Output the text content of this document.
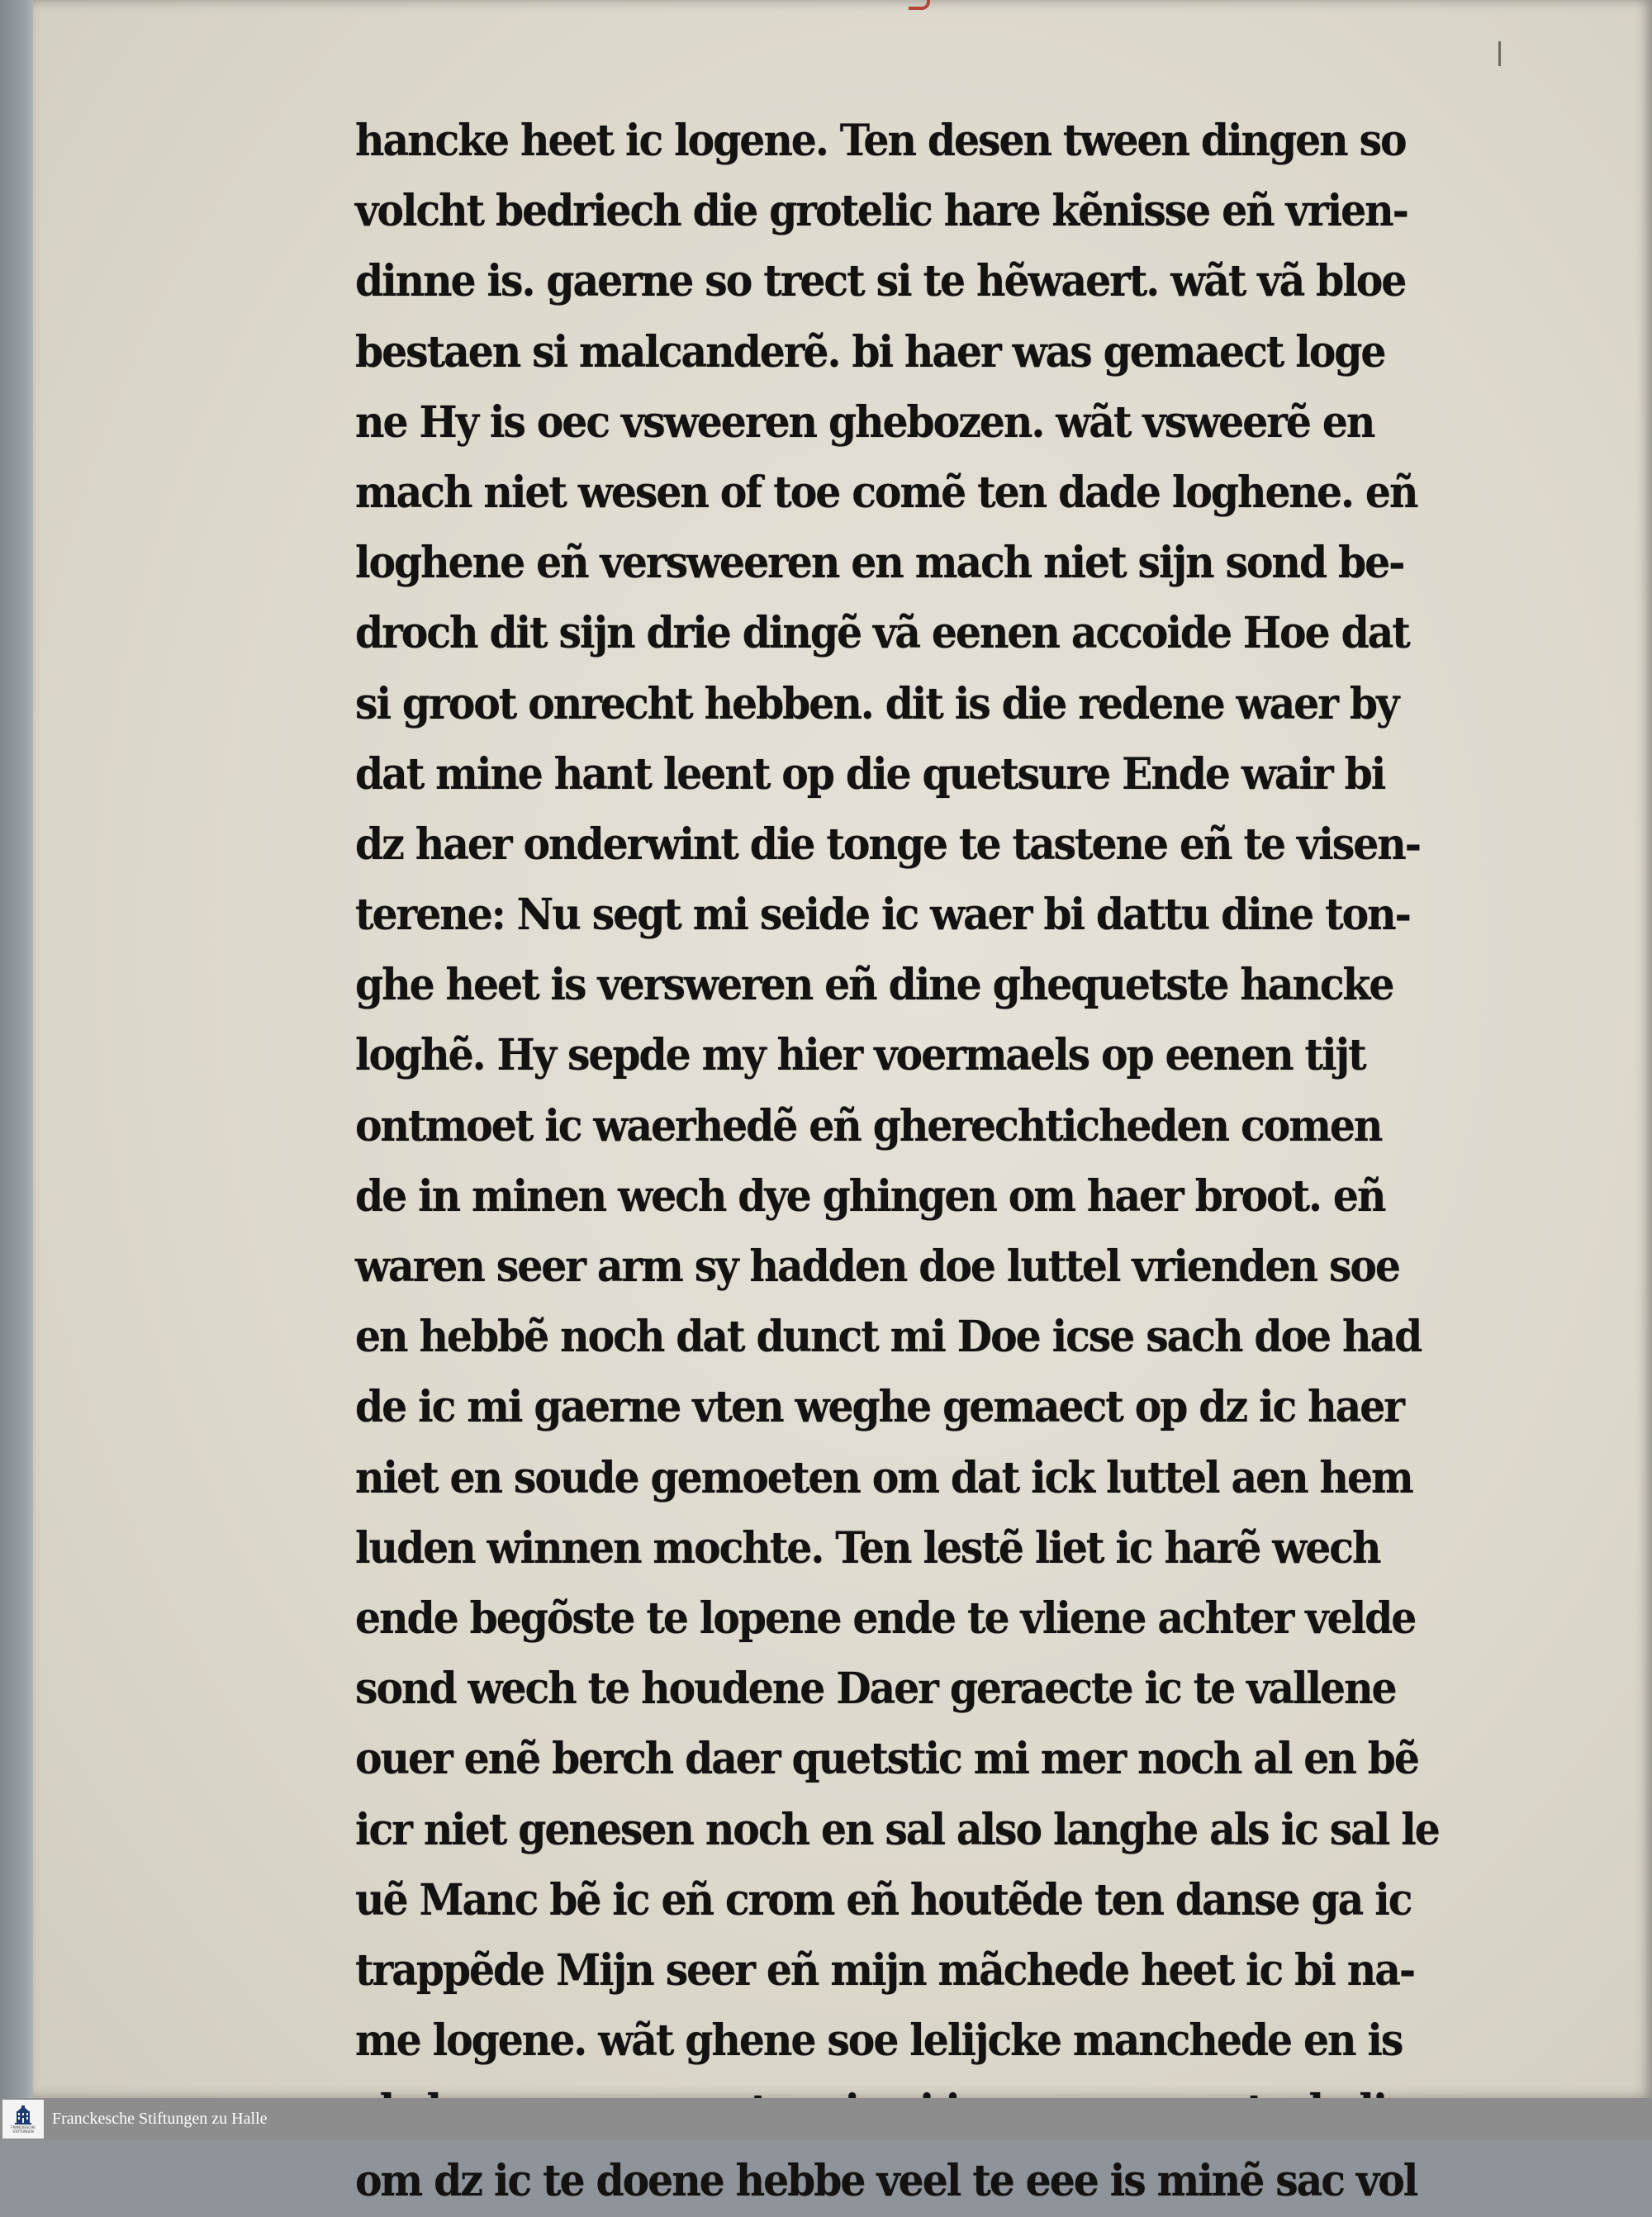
hancke heet ic logene. Ten desen tween dingen so
volcht bedriech die grotelic hare kẽnisse eñ vrien-
dinne is. gaerne so trect si te hẽwaert. wãt vã bloe
bestaen si malcanderẽ. bi haer was gemaect loge
ne Hy is oec vsweeren ghebozen. wãt vsweerẽ en
mach niet wesen of toe comẽ ten dade loghene. eñ
loghene eñ versweeren en mach niet sijn sond be-
droch dit sijn drie dingẽ vã eenen accoide Hoe dat
si groot onrecht hebben. dit is die redene waer by
dat mine hant leent op die quetsure Ende wair bi
dz haer onderwint die tonge te tastene eñ te visen-
terene: Nu segt mi seide ic waer bi dattu dine ton-
ghe heet is versweren eñ dine ghequetste hancke
loghẽ. Hy sepde my hier voermaels op eenen tijt
ontmoet ic waerhedẽ eñ gherechticheden comen
de in minen wech dye ghingen om haer broot. eñ
waren seer arm sy hadden doe luttel vrienden soe
en hebbẽ noch dat dunct mi Doe icse sach doe had
de ic mi gaerne vten weghe gemaect op dz ic haer
niet en soude gemoeten om dat ick luttel aen hem
luden winnen mochte. Ten lestẽ liet ic harẽ wech
ende begõste te lopene ende te vliene achter velde
sond wech te houdene Daer geraecte ic te vallene
ouer enẽ berch daer quetstic mi mer noch al en bẽ
icr niet genesen noch en sal also langhe als ic sal le
uẽ Manc bẽ ic eñ crom eñ houtẽde ten danse ga ic
trappẽde Mijn seer eñ mijn mãchede heet ic bi na-
me logene. wãt ghene soe lelijcke manchede en is
om dz ic te doene hebbe veel te eee is minẽ sac vol
FRANCKESCHE STIFTUNGEN
Franckesche Stiftungen zu Halle
